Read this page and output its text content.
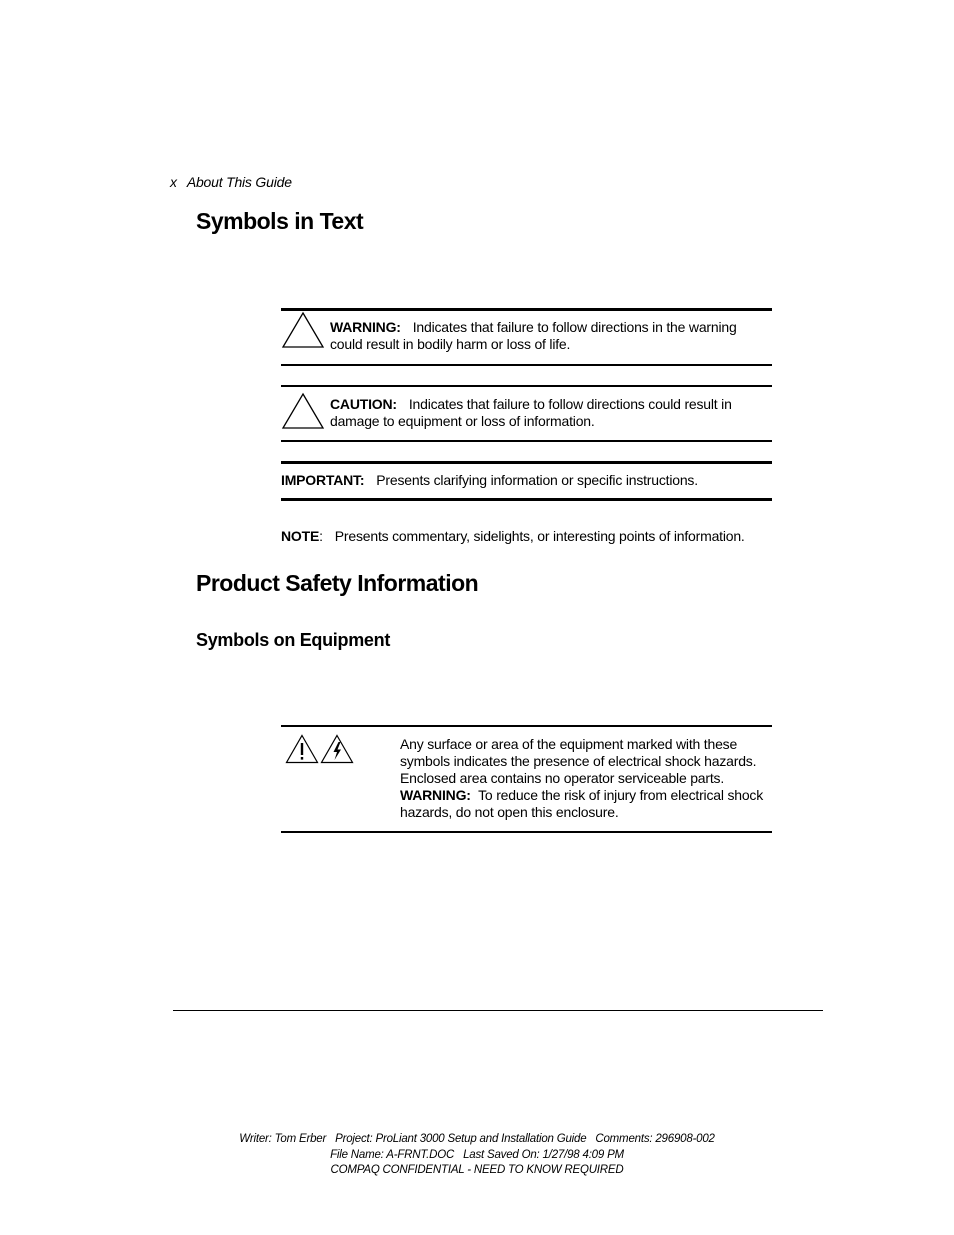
x About This Guide
Symbols in Text
WARNING: Indicates that failure to follow directions in the warning could result in bodily harm or loss of life.
CAUTION: Indicates that failure to follow directions could result in damage to equipment or loss of information.
IMPORTANT: Presents clarifying information or specific instructions.
NOTE: Presents commentary, sidelights, or interesting points of information.
Product Safety Information
Symbols on Equipment
Any surface or area of the equipment marked with these
symbols indicates the presence of electrical shock hazards.
Enclosed area contains no operator serviceable parts.
WARNING: To reduce the risk of injury from electrical shock
hazards, do not open this enclosure.
Writer: Tom Erber   Project: ProLiant 3000 Setup and Installation Guide   Comments: 296908-002
File Name: A-FRNT.DOC   Last Saved On: 1/27/98 4:09 PM
COMPAQ CONFIDENTIAL - NEED TO KNOW REQUIRED
